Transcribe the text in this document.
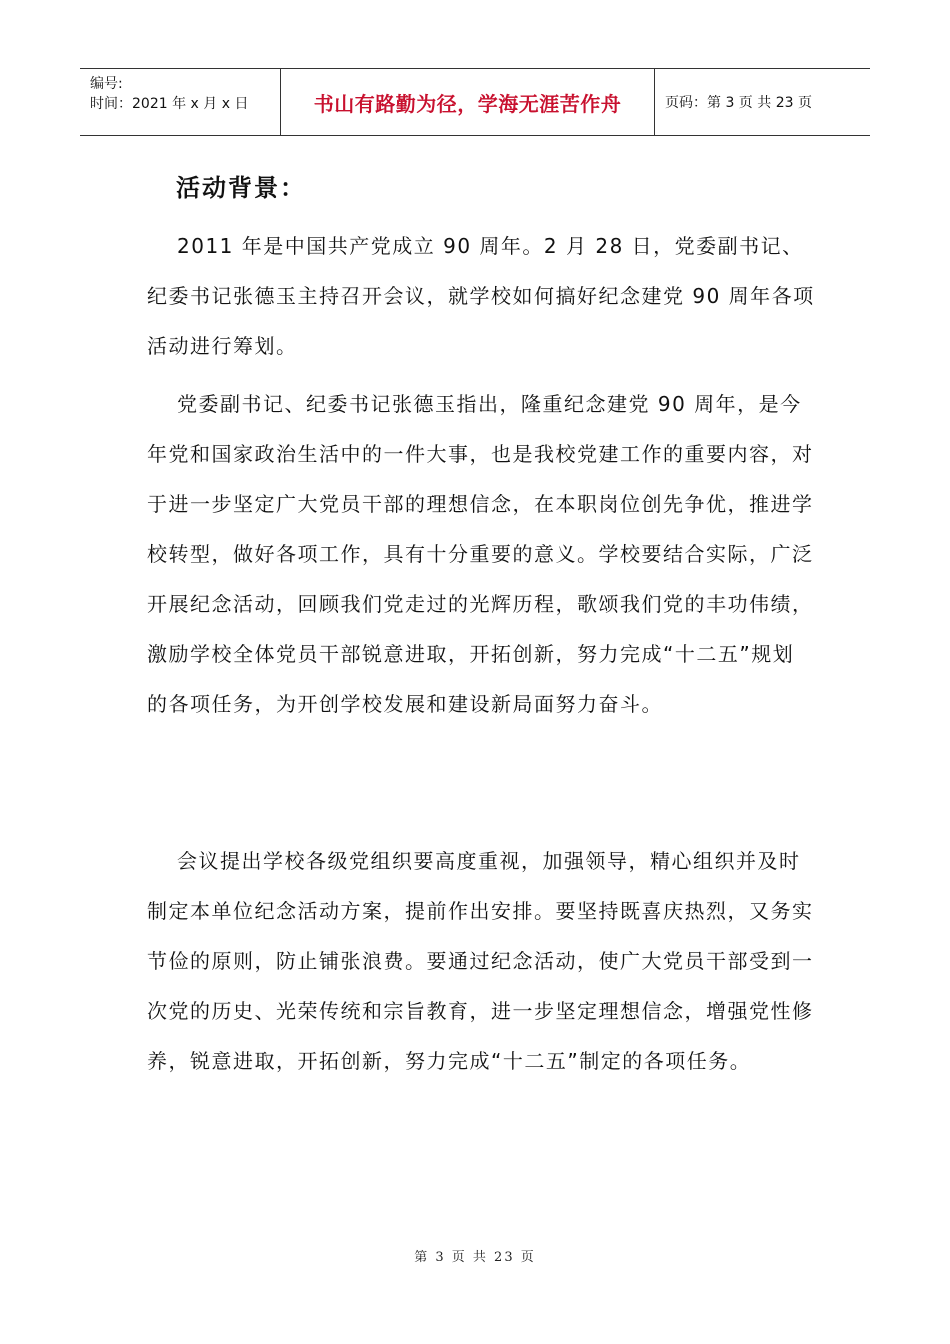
编号:
时间：2021 年 x 月 x 日	书山有路勤为径，学海无涯苦作舟	页码：第 3 页 共 23 页
活动背景：

2011 年是中国共产党成立 90 周年。2 月 28 日，党委副书记、纪委书记张德玉主持召开会议，就学校如何搞好纪念建党 90 周年各项活动进行筹划。

党委副书记、纪委书记张德玉指出，隆重纪念建党 90 周年，是今年党和国家政治生活中的一件大事，也是我校党建工作的重要内容，对于进一步坚定广大党员干部的理想信念，在本职岗位创先争优，推进学校转型，做好各项工作，具有十分重要的意义。学校要结合实际，广泛开展纪念活动，回顾我们党走过的光辉历程，歌颂我们党的丰功伟绩，激励学校全体党员干部锐意进取，开拓创新，努力完成“十二五”规划的各项任务，为开创学校发展和建设新局面努力奋斗。

会议提出学校各级党组织要高度重视，加强领导，精心组织并及时制定本单位纪念活动方案，提前作出安排。要坚持既喜庆热烈，又务实节俭的原则，防止铺张浪费。要通过纪念活动，使广大党员干部受到一次党的历史、光荣传统和宗旨教育，进一步坚定理想信念，增强党性修养，锐意进取，开拓创新，努力完成“十二五”制定的各项任务。

第 3 页 共 23 页
